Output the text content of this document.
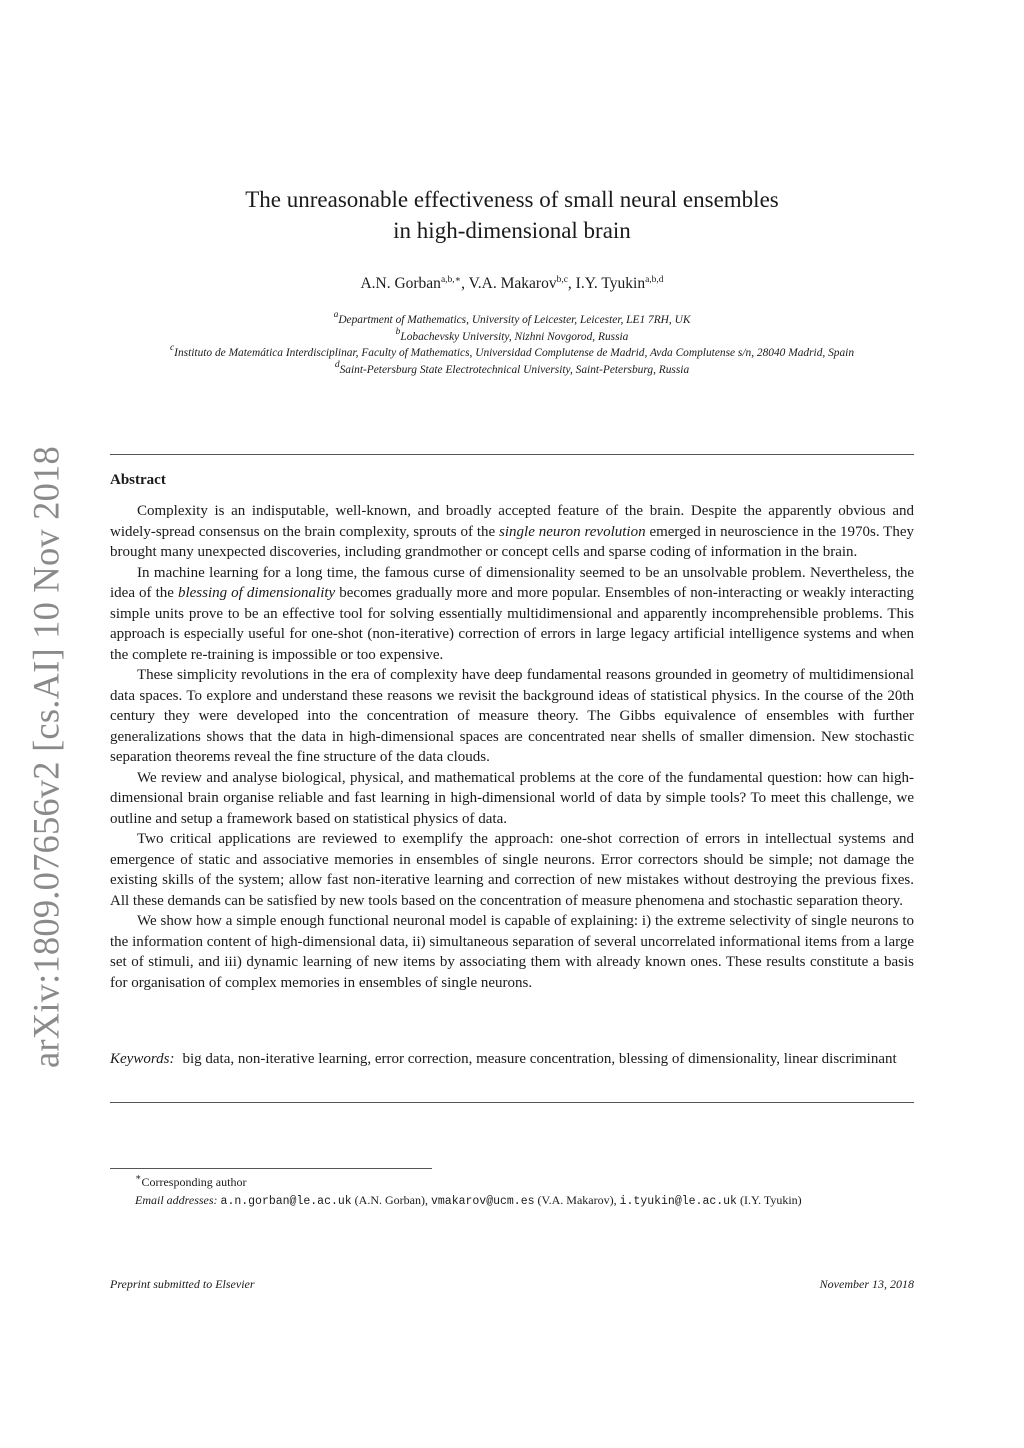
arXiv:1809.07656v2 [cs.AI] 10 Nov 2018
The unreasonable effectiveness of small neural ensembles
in high-dimensional brain
A.N. Gorban$^{a,b,∗}$, V.A. Makarov$^{b,c}$, I.Y. Tyukin$^{a,b,d}$
$^a$Department of Mathematics, University of Leicester, Leicester, LE1 7RH, UK
$^b$Lobachevsky University, Nizhni Novgorod, Russia
$^c$Instituto de Matemática Interdisciplinar, Faculty of Mathematics, Universidad Complutense de Madrid, Avda Complutense s/n, 28040 Madrid, Spain
$^d$Saint-Petersburg State Electrotechnical University, Saint-Petersburg, Russia
Abstract

Complexity is an indisputable, well-known, and broadly accepted feature of the brain. Despite the apparently obvious and widely-spread consensus on the brain complexity, sprouts of the single neuron revolution emerged in neuroscience in the 1970s. They brought many unexpected discoveries, including grandmother or concept cells and sparse coding of information in the brain.

In machine learning for a long time, the famous curse of dimensionality seemed to be an unsolvable problem. Nevertheless, the idea of the blessing of dimensionality becomes gradually more and more popular. Ensembles of non-interacting or weakly interacting simple units prove to be an effective tool for solving essentially multidimensional and apparently incomprehensible problems. This approach is especially useful for one-shot (non-iterative) correction of errors in large legacy artificial intelligence systems and when the complete re-training is impossible or too expensive.

These simplicity revolutions in the era of complexity have deep fundamental reasons grounded in geometry of multidimensional data spaces. To explore and understand these reasons we revisit the background ideas of statistical physics. In the course of the 20th century they were developed into the concentration of measure theory. The Gibbs equivalence of ensembles with further generalizations shows that the data in high-dimensional spaces are concentrated near shells of smaller dimension. New stochastic separation theorems reveal the fine structure of the data clouds.

We review and analyse biological, physical, and mathematical problems at the core of the fundamental question: how can high-dimensional brain organise reliable and fast learning in high-dimensional world of data by simple tools? To meet this challenge, we outline and setup a framework based on statistical physics of data.

Two critical applications are reviewed to exemplify the approach: one-shot correction of errors in intellectual systems and emergence of static and associative memories in ensembles of single neurons. Error correctors should be simple; not damage the existing skills of the system; allow fast non-iterative learning and correction of new mistakes without destroying the previous fixes. All these demands can be satisfied by new tools based on the concentration of measure phenomena and stochastic separation theory.

We show how a simple enough functional neuronal model is capable of explaining: i) the extreme selectivity of single neurons to the information content of high-dimensional data, ii) simultaneous separation of several uncorrelated informational items from a large set of stimuli, and iii) dynamic learning of new items by associating them with already known ones. These results constitute a basis for organisation of complex memories in ensembles of single neurons.

Keywords: big data, non-iterative learning, error correction, measure concentration, blessing of dimensionality, linear discriminant
∗Corresponding author
Email addresses: a.n.gorban@le.ac.uk (A.N. Gorban), vmakarov@ucm.es (V.A. Makarov), i.tyukin@le.ac.uk (I.Y. Tyukin)
Preprint submitted to Elsevier	November 13, 2018
